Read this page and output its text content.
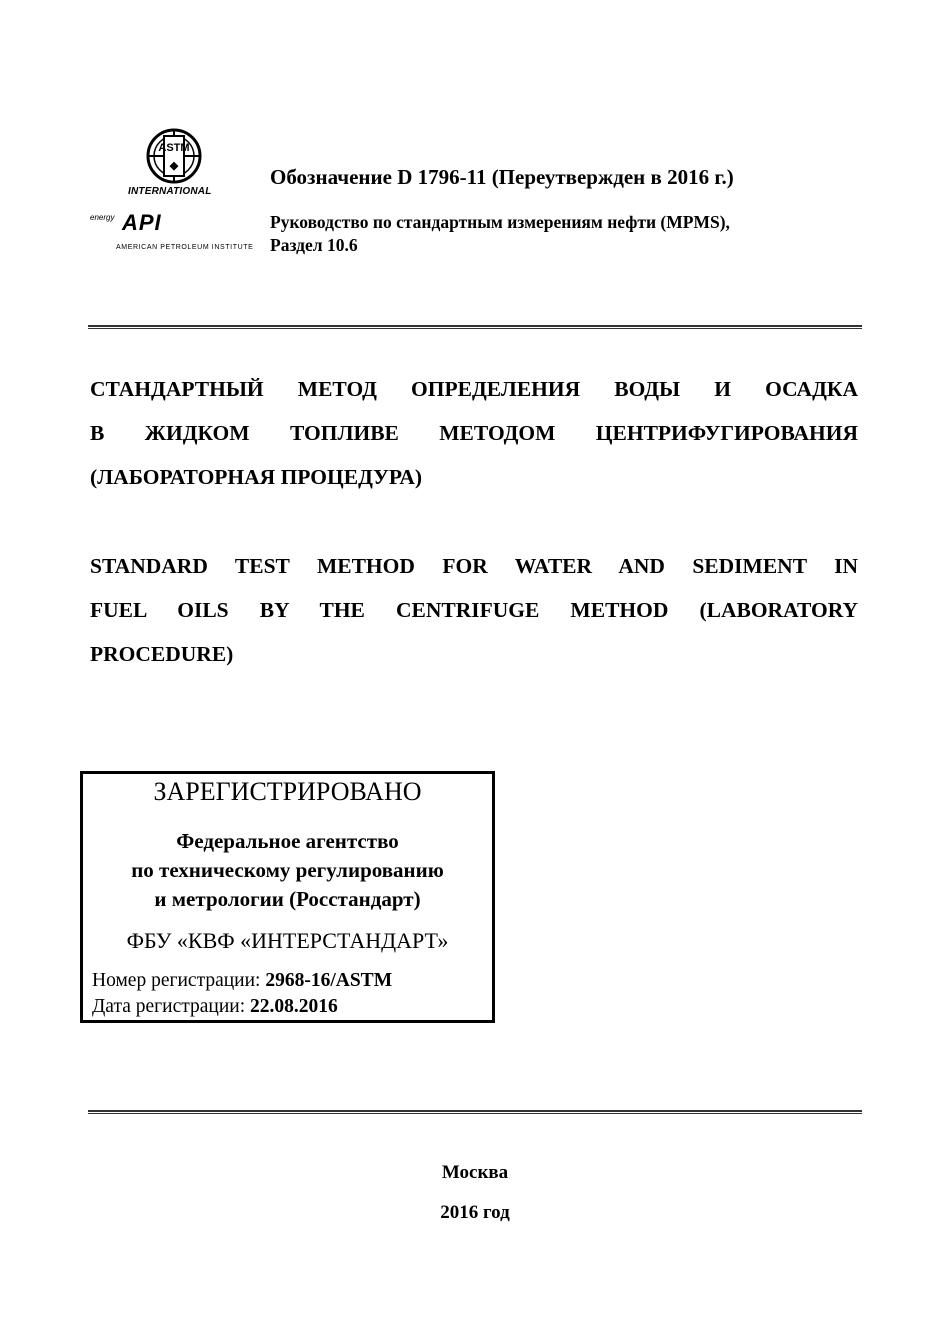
ASTM
◆
INTERNATIONAL
energy API
AMERICAN PETROLEUM INSTITUTE
Обозначение D 1796-11 (Переутвержден в 2016 г.)
Руководство по стандартным измерениям нефти (MPMS),
Раздел 10.6
СТАНДАРТНЫЙ МЕТОД ОПРЕДЕЛЕНИЯ ВОДЫ И ОСАДКА
В ЖИДКОМ ТОПЛИВЕ МЕТОДОМ ЦЕНТРИФУГИРОВАНИЯ
(ЛАБОРАТОРНАЯ ПРОЦЕДУРА)
STANDARD TEST METHOD FOR WATER AND SEDIMENT IN
FUEL OILS BY THE CENTRIFUGE METHOD (LABORATORY
PROCEDURE)
ЗАРЕГИСТРИРОВАНО
Федеральное агентство
по техническому регулированию
и метрологии (Росстандарт)
ФБУ «КВФ «ИНТЕРСТАНДАРТ»
Номер регистрации: 2968-16/ASTM
Дата регистрации: 22.08.2016
Москва
2016 год
